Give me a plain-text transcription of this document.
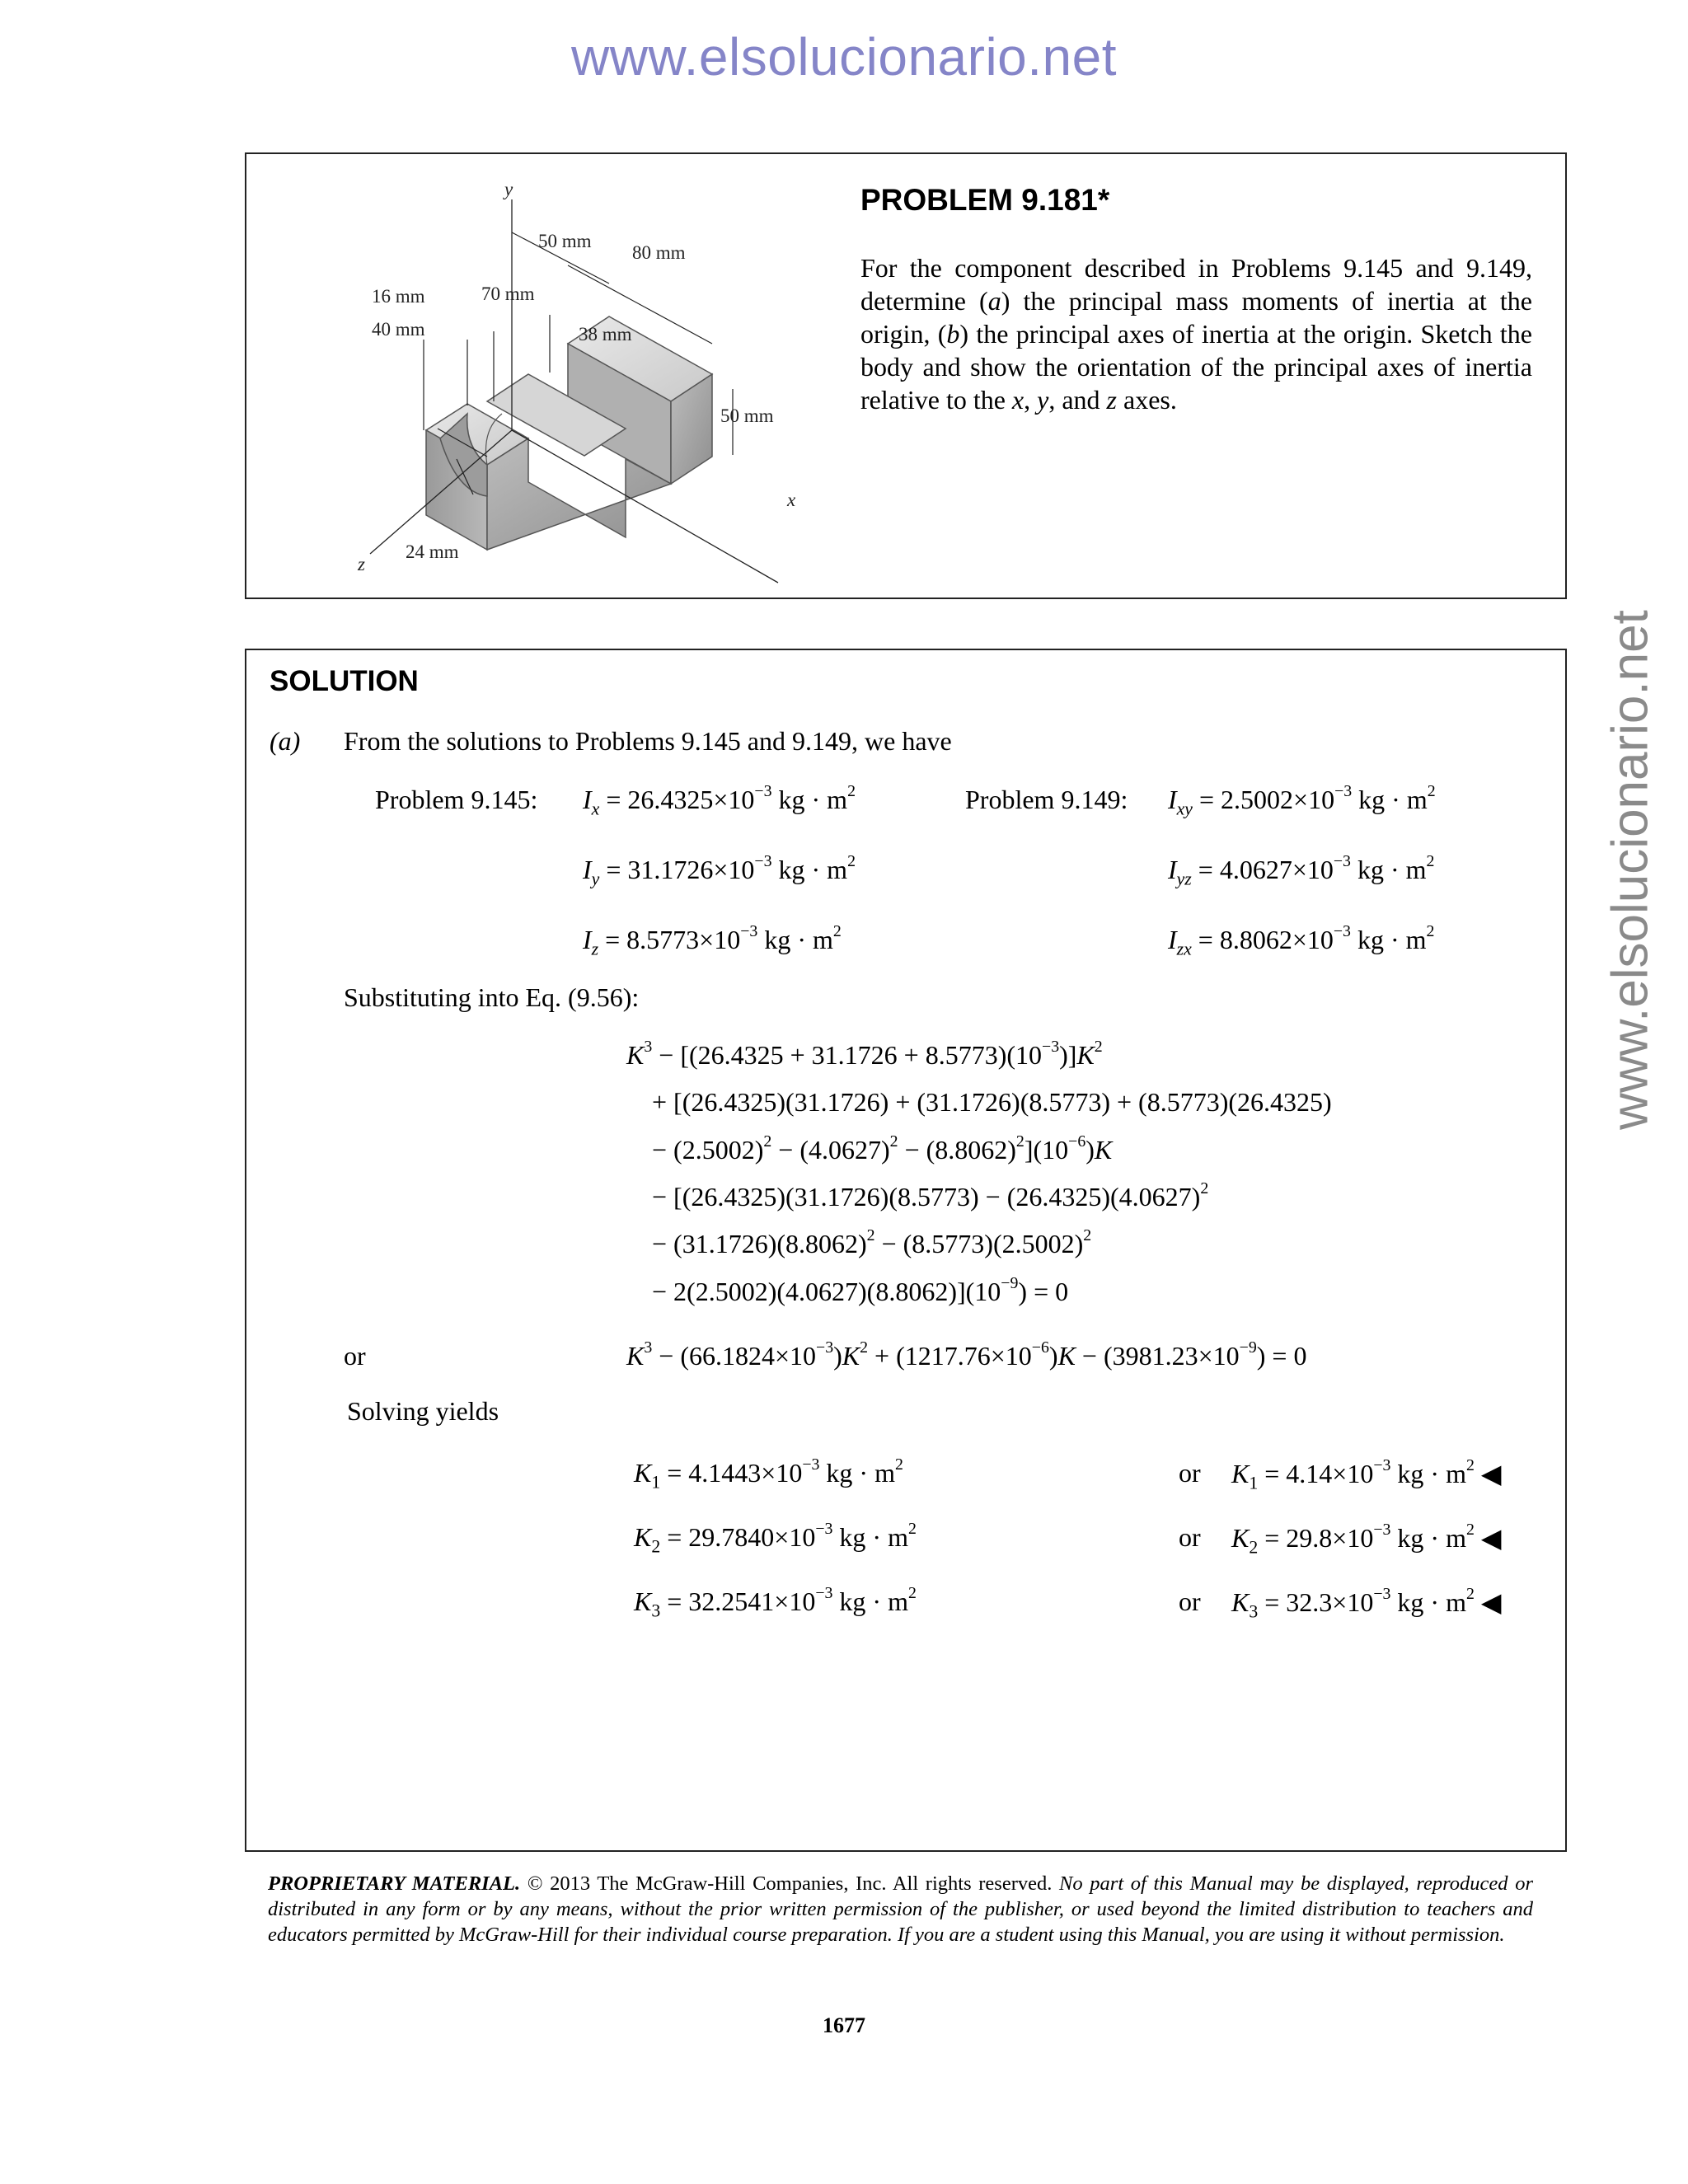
www.elsolucionario.net
www.elsolucionario.net
y
x
z
50 mm
80 mm
16 mm	70 mm
40 mm	38 mm
50 mm
24 mm
PROBLEM 9.181*
For the component described in Problems 9.145 and 9.149, determine (a) the principal mass moments of inertia at the origin, (b) the principal axes of inertia at the origin. Sketch the body and show the orientation of the principal axes of inertia relative to the x, y, and z axes.
SOLUTION
(a) From the solutions to Problems 9.145 and 9.149, we have
Problem 9.145: $I_x = 26.4325\times 10^{-3}$ kg · $m^2$	Problem 9.149: $I_{xy} = 2.5002\times 10^{-3}$ kg · $m^2$
$I_y = 31.1726\times 10^{-3}$ kg · $m^2$	$I_{yz} = 4.0627\times 10^{-3}$ kg · $m^2$
$I_z = 8.5773\times 10^{-3}$ kg · $m^2$	$I_{zx} = 8.8062\times 10^{-3}$ kg · $m^2$
Substituting into Eq. (9.56):
$K^3 - [(26.4325 + 31.1726 + 8.5773)(10^{-3})]K^2$
+ [(26.4325)(31.1726) + (31.1726)(8.5773) + (8.5773)(26.4325)
− $(2.5002)^2 - (4.0627)^2 - (8.8062)^2](10^{-6})K$
− [$(26.4325)(31.1726)(8.5773) - (26.4325)(4.0627)^2$
− $(31.1726)(8.8062)^2 - (8.5773)(2.5002)^2$
− $2(2.5002)(4.0627)(8.8062)](10^{-9}) = 0$
or	$K^3 - (66.1824\times 10^{-3})K^2 + (1217.76\times 10^{-6})K - (3981.23\times 10^{-9}) = 0$
Solving yields
$K_1 = 4.1443\times 10^{-3}$ kg · $m^2$	or $K_1 = 4.14\times 10^{-3}$ kg · $m^2$ ◀
$K_2 = 29.7840\times 10^{-3}$ kg · $m^2$	or $K_2 = 29.8\times 10^{-3}$ kg · $m^2$ ◀
$K_3 = 32.2541\times 10^{-3}$ kg · $m^2$	or $K_3 = 32.3\times 10^{-3}$ kg · $m^2$ ◀
PROPRIETARY MATERIAL. © 2013 The McGraw-Hill Companies, Inc. All rights reserved. No part of this Manual may be displayed, reproduced or distributed in any form or by any means, without the prior written permission of the publisher, or used beyond the limited distribution to teachers and educators permitted by McGraw-Hill for their individual course preparation. If you are a student using this Manual, you are using it without permission.
1677
